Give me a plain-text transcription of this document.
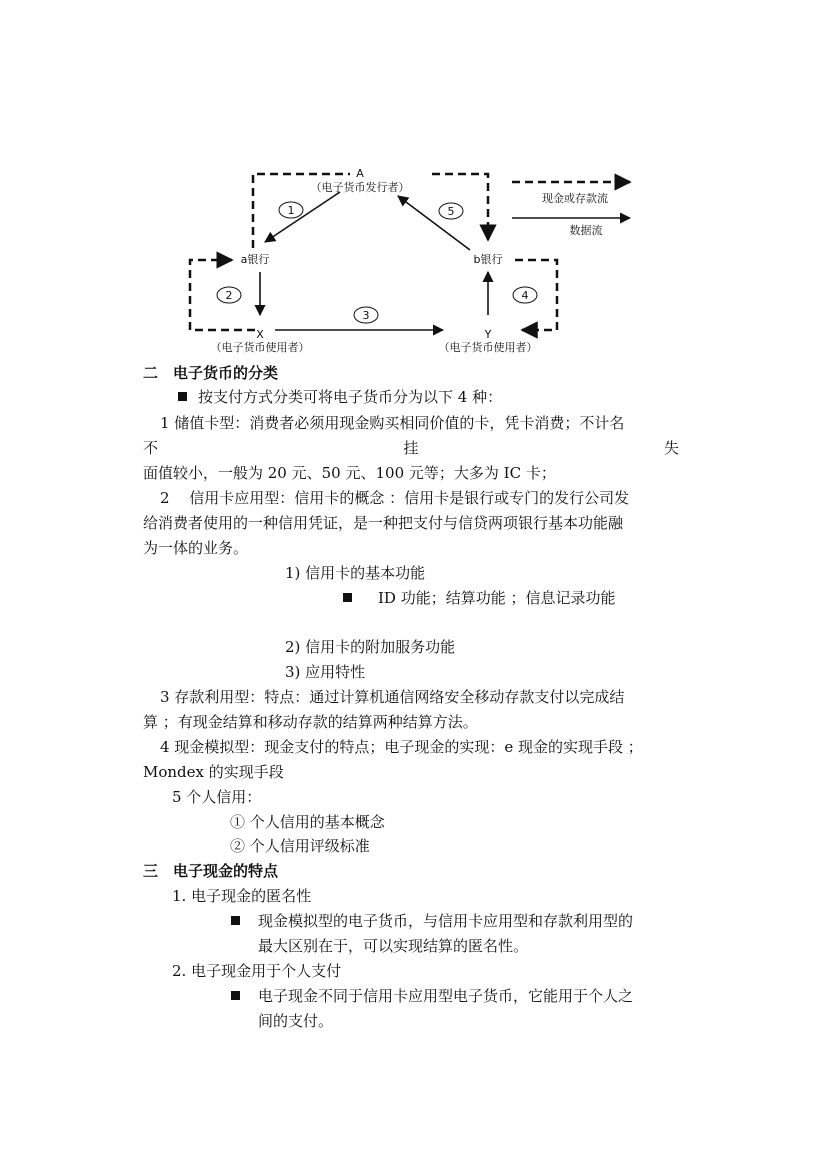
A
（电子货币发行者）
a银行	b银行
X
（电子货币使用者）
Y
（电子货币使用者）
1	5
2	4
3
现金或存款流
数据流
二　电子货币的分类
按支付方式分类可将电子货币分为以下 4 种：
1 储值卡型：消费者必须用现金购买相同价值的卡，凭卡消费；不计名
不	挂	失
面值较小，一般为 20 元、50 元、100 元等；大多为 IC 卡；
2　 信用卡应用型：信用卡的概念 ：信用卡是银行或专门的发行公司发
给消费者使用的一种信用凭证，是一种把支付与信贷两项银行基本功能融
为一体的业务。
1) 信用卡的基本功能
ID 功能；结算功能 ；信息记录功能
2) 信用卡的附加服务功能
3) 应用特性
3 存款利用型：特点：通过计算机通信网络安全移动存款支付以完成结
算 ；有现金结算和移动存款的结算两种结算方法。
4 现金模拟型：现金支付的特点；电子现金的实现：e 现金的实现手段 ；
Mondex 的实现手段
5 个人信用：
① 个人信用的基本概念
② 个人信用评级标准
三　电子现金的特点
1. 电子现金的匿名性
现金模拟型的电子货币，与信用卡应用型和存款利用型的
最大区别在于，可以实现结算的匿名性。
2. 电子现金用于个人支付
电子现金不同于信用卡应用型电子货币，它能用于个人之
间的支付。
